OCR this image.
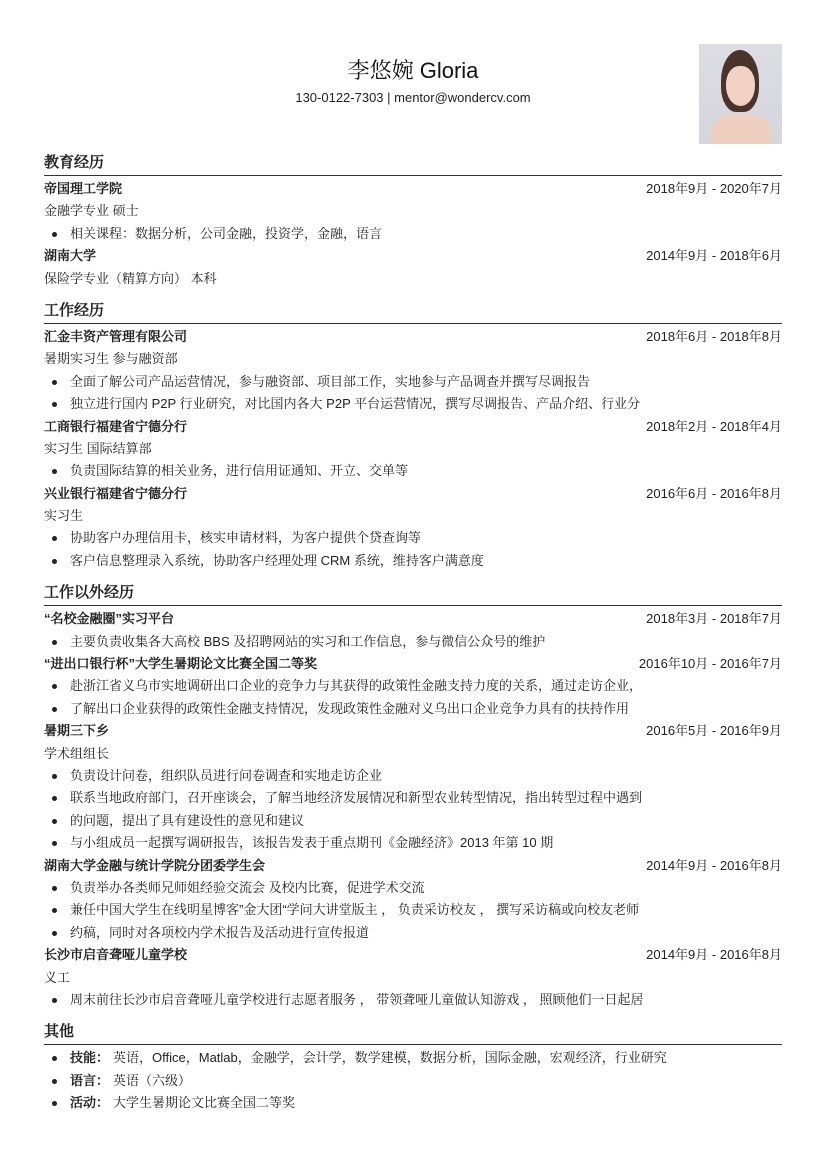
李悠婉 Gloria
130-0122-7303 | mentor@wondercv.com
教育经历
帝国理工学院	2018年9月 - 2020年7月
金融学专业 硕士
相关课程：数据分析，公司金融，投资学，金融，语言
湖南大学	2014年9月 - 2018年6月
保险学专业（精算方向） 本科
工作经历
汇金丰资产管理有限公司	2018年6月 - 2018年8月
暑期实习生 参与融资部
全面了解公司产品运营情况，参与融资部、项目部工作，实地参与产品调查并撰写尽调报告
独立进行国内 P2P 行业研究，对比国内各大 P2P 平台运营情况，撰写尽调报告、产品介绍、行业分
工商银行福建省宁德分行	2018年2月 - 2018年4月
实习生 国际结算部
负责国际结算的相关业务，进行信用证通知、开立、交单等
兴业银行福建省宁德分行	2016年6月 - 2016年8月
实习生
协助客户办理信用卡，核实申请材料，为客户提供个贷查询等
客户信息整理录入系统，协助客户经理处理 CRM 系统，维持客户满意度
工作以外经历
“名校金融圈”实习平台	2018年3月 - 2018年7月
主要负责收集各大高校 BBS 及招聘网站的实习和工作信息，参与微信公众号的维护
“进出口银行杯”大学生暑期论文比赛全国二等奖	2016年10月 - 2016年7月
赴浙江省义乌市实地调研出口企业的竞争力与其获得的政策性金融支持力度的关系，通过走访企业，
了解出口企业获得的政策性金融支持情况，发现政策性金融对义乌出口企业竞争力具有的扶持作用
暑期三下乡	2016年5月 - 2016年9月
学术组组长
负责设计问卷，组织队员进行问卷调查和实地走访企业
联系当地政府部门，召开座谈会，了解当地经济发展情况和新型农业转型情况，指出转型过程中遇到
的问题，提出了具有建设性的意见和建议
与小组成员一起撰写调研报告，该报告发表于重点期刊《金融经济》2013 年第 10 期
湖南大学金融与统计学院分团委学生会	2014年9月 - 2016年8月
负责举办各类师兄师姐经验交流会 及校内比赛，促进学术交流
兼任中国大学生在线明星博客”金大团“学问大讲堂版主 ， 负责采访校友 ， 撰写采访稿或向校友老师
约稿，同时对各项校内学术报告及活动进行宣传报道
长沙市启音聋哑儿童学校	2014年9月 - 2016年8月
义工
周末前往长沙市启音聋哑儿童学校进行志愿者服务 ， 带领聋哑儿童做认知游戏 ， 照顾他们一日起居
其他
技能： 英语，Office，Matlab，金融学，会计学，数学建模，数据分析，国际金融，宏观经济，行业研究
语言： 英语（六级）
活动： 大学生暑期论文比赛全国二等奖
